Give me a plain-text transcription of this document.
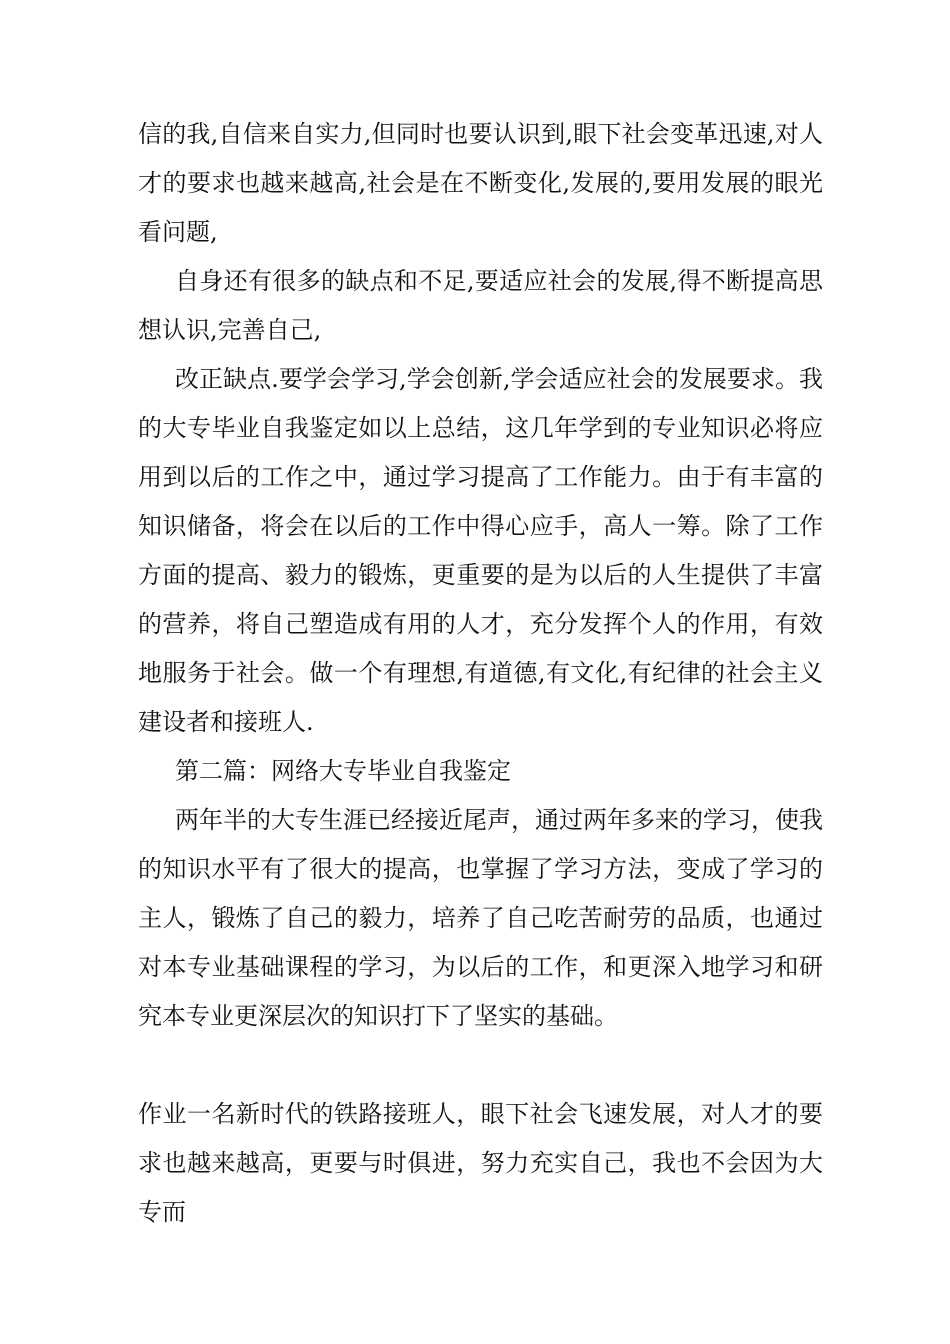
信的我,自信来自实力,但同时也要认识到,眼下社会变革迅速,对人才的要求也越来越高,社会是在不断变化,发展的,要用发展的眼光看问题,

自身还有很多的缺点和不足,要适应社会的发展,得不断提高思想认识,完善自己,

改正缺点.要学会学习,学会创新,学会适应社会的发展要求。我的大专毕业自我鉴定如以上总结，这几年学到的专业知识必将应用到以后的工作之中，通过学习提高了工作能力。由于有丰富的知识储备，将会在以后的工作中得心应手，高人一筹。除了工作方面的提高、毅力的锻炼，更重要的是为以后的人生提供了丰富的营养，将自己塑造成有用的人才，充分发挥个人的作用，有效地服务于社会。做一个有理想,有道德,有文化,有纪律的社会主义建设者和接班人.

第二篇：网络大专毕业自我鉴定

两年半的大专生涯已经接近尾声，通过两年多来的学习，使我的知识水平有了很大的提高，也掌握了学习方法，变成了学习的主人，锻炼了自己的毅力，培养了自己吃苦耐劳的品质，也通过对本专业基础课程的学习，为以后的工作，和更深入地学习和研究本专业更深层次的知识打下了坚实的基础。

作业一名新时代的铁路接班人，眼下社会飞速发展，对人才的要求也越来越高，更要与时俱进，努力充实自己，我也不会因为大专而
